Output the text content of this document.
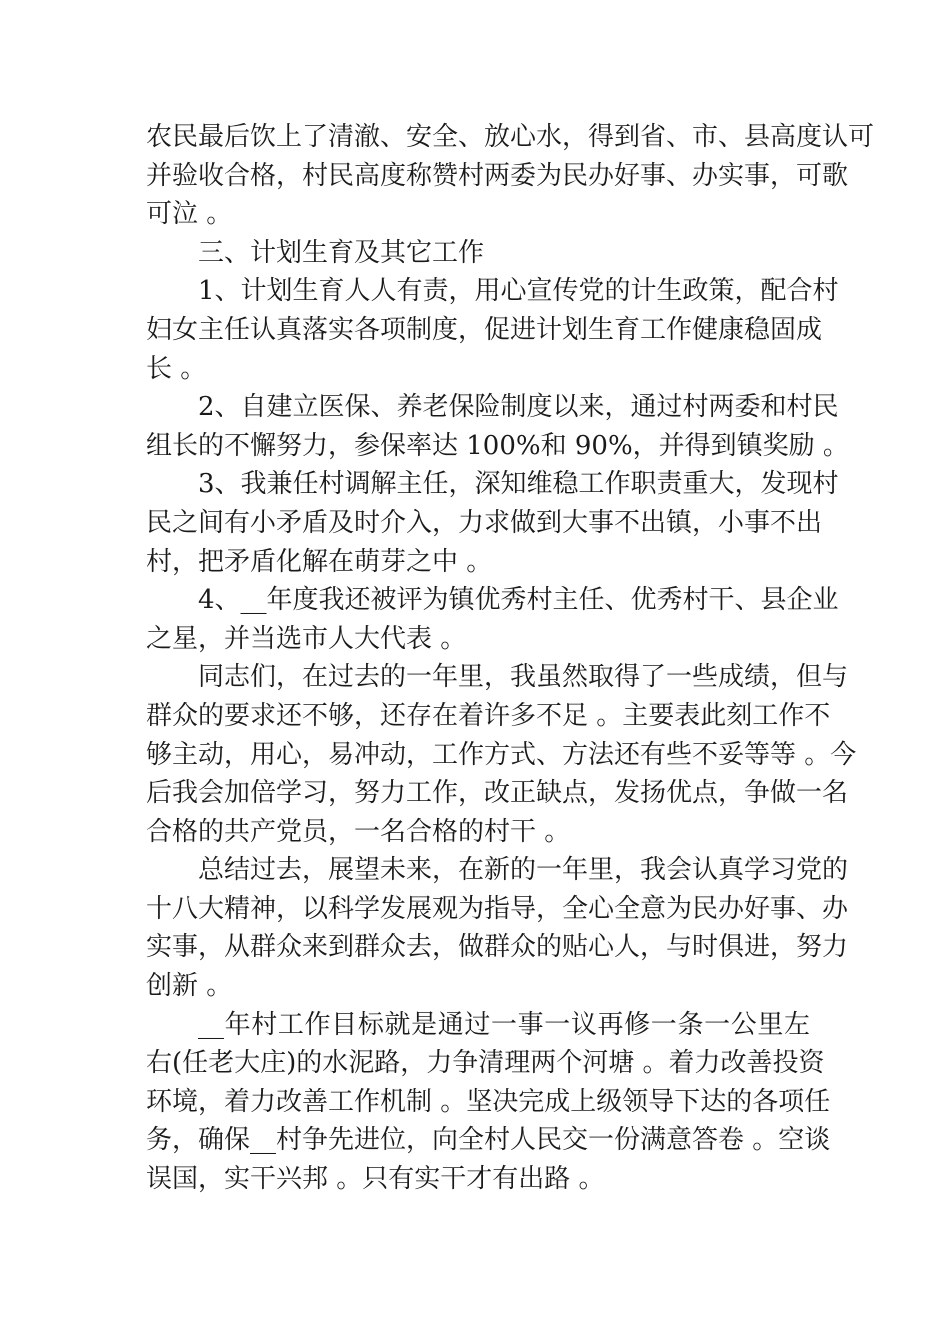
农民最后饮上了清澈、安全、放心水，得到省、市、县高度认可
并验收合格，村民高度称赞村两委为民办好事、办实事，可歌
可泣 。
三、计划生育及其它工作
1、计划生育人人有责，用心宣传党的计生政策，配合村
妇女主任认真落实各项制度，促进计划生育工作健康稳固成
长 。
2、自建立医保、养老保险制度以来，通过村两委和村民
组长的不懈努力，参保率达 100%和 90%，并得到镇奖励 。
3、我兼任村调解主任，深知维稳工作职责重大，发现村
民之间有小矛盾及时介入，力求做到大事不出镇，小事不出
村，把矛盾化解在萌芽之中 。
4、__年度我还被评为镇优秀村主任、优秀村干、县企业
之星，并当选市人大代表 。
同志们，在过去的一年里，我虽然取得了一些成绩，但与
群众的要求还不够，还存在着许多不足 。主要表此刻工作不
够主动，用心，易冲动，工作方式、方法还有些不妥等等 。今
后我会加倍学习，努力工作，改正缺点，发扬优点，争做一名
合格的共产党员，一名合格的村干 。
总结过去，展望未来，在新的一年里，我会认真学习党的
十八大精神，以科学发展观为指导，全心全意为民办好事、办
实事，从群众来到群众去，做群众的贴心人，与时俱进，努力
创新 。
__年村工作目标就是通过一事一议再修一条一公里左
右(任老大庄)的水泥路，力争清理两个河塘 。着力改善投资
环境，着力改善工作机制 。坚决完成上级领导下达的各项任
务，确保__村争先进位，向全村人民交一份满意答卷 。空谈
误国，实干兴邦 。只有实干才有出路 。
